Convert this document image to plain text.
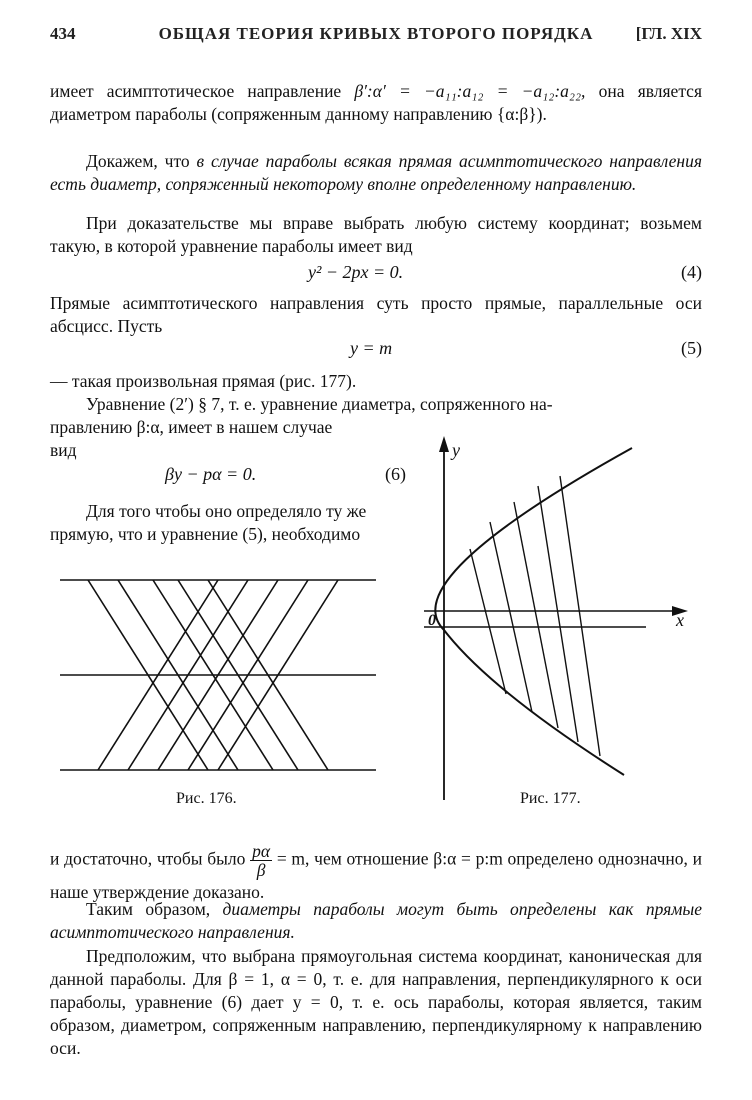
434	ОБЩАЯ ТЕОРИЯ КРИВЫХ ВТОРОГО ПОРЯДКА	[ГЛ. XIX
имеет асимптотическое направление β′:α′ = −a₁₁:a₁₂ = −a₁₂:a₂₂, она является диаметром параболы (сопряженным данному направлению {α:β}).
Докажем, что в случае параболы всякая прямая асимптотического направления есть диаметр, сопряженный некоторому вполне определенному направлению.
При доказательстве мы вправе выбрать любую систему координат; возьмем такую, в которой уравнение параболы имеет вид
y² − 2px = 0.	(4)
Прямые асимптотического направления суть просто прямые, параллельные оси абсцисс. Пусть
y = m	(5)
— такая произвольная прямая (рис. 177).
Уравнение (2′) § 7, т. е. уравнение диаметра, сопряженного на-
правлению β:α, имеет в нашем случае
вид
βy − pα = 0.	(6)
Для того чтобы оно определяло ту же
прямую, что и уравнение (5), необходимо
Рис. 176.
y
x
0
Рис. 177.
и достаточно, чтобы было $\frac{p\alpha}{\beta} = m$, чем отношение β:α = p:m определено однозначно, и наше утверждение доказано.
Таким образом, диаметры параболы могут быть определены как прямые асимптотического направления.
Предположим, что выбрана прямоугольная система координат, каноническая для данной параболы. Для β = 1, α = 0, т. е. для направления, перпендикулярного к оси параболы, уравнение (6) дает y = 0, т. е. ось параболы, которая является, таким образом, диаметром, сопряженным направлению, перпендикулярному к направлению оси.
